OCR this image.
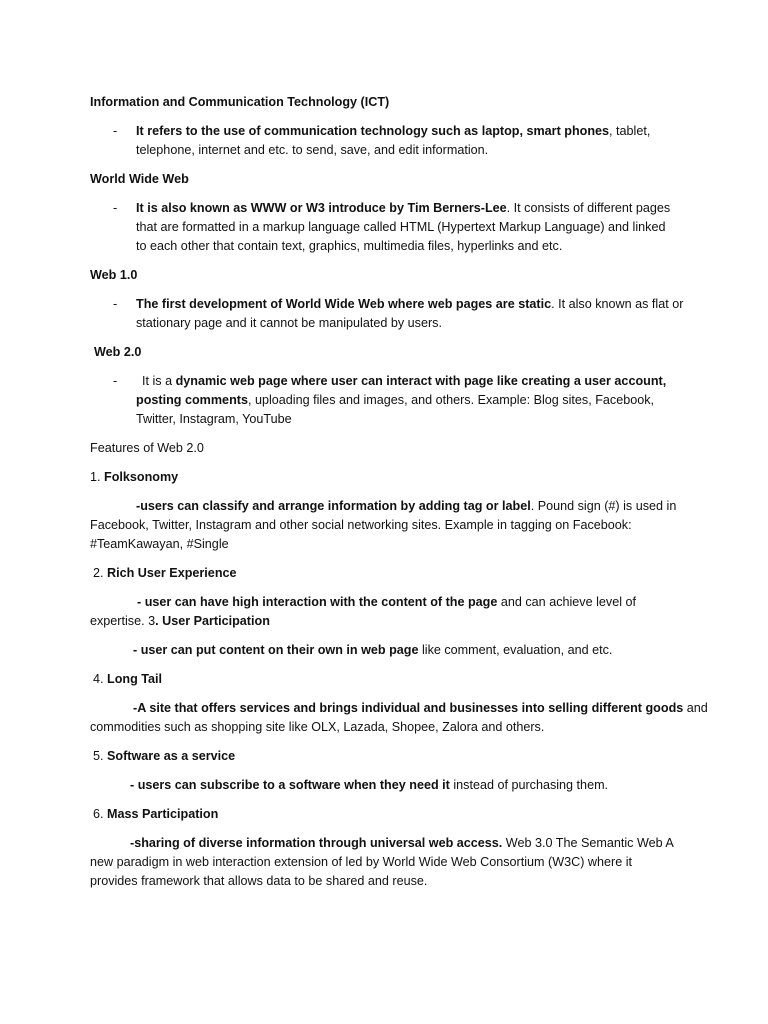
Information and Communication Technology (ICT)
- It refers to the use of communication technology such as laptop, smart phones, tablet,
telephone, internet and etc. to send, save, and edit information.
World Wide Web
- It is also known as WWW or W3 introduce by Tim Berners-Lee. It consists of different pages
that are formatted in a markup language called HTML (Hypertext Markup Language) and linked
to each other that contain text, graphics, multimedia files, hyperlinks and etc.
Web 1.0
- The first development of World Wide Web where web pages are static. It also known as flat or
stationary page and it cannot be manipulated by users.
Web 2.0
- It is a dynamic web page where user can interact with page like creating a user account,
posting comments, uploading files and images, and others. Example: Blog sites, Facebook,
Twitter, Instagram, YouTube
Features of Web 2.0
1. Folksonomy
-users can classify and arrange information by adding tag or label. Pound sign (#) is used in
Facebook, Twitter, Instagram and other social networking sites. Example in tagging on Facebook:
#TeamKawayan, #Single
2. Rich User Experience
- user can have high interaction with the content of the page and can achieve level of
expertise. 3. User Participation
- user can put content on their own in web page like comment, evaluation, and etc.
4. Long Tail
-A site that offers services and brings individual and businesses into selling different goods and
commodities such as shopping site like OLX, Lazada, Shopee, Zalora and others.
5. Software as a service
- users can subscribe to a software when they need it instead of purchasing them.
6. Mass Participation
-sharing of diverse information through universal web access. Web 3.0 The Semantic Web A
new paradigm in web interaction extension of led by World Wide Web Consortium (W3C) where it
provides framework that allows data to be shared and reuse.
